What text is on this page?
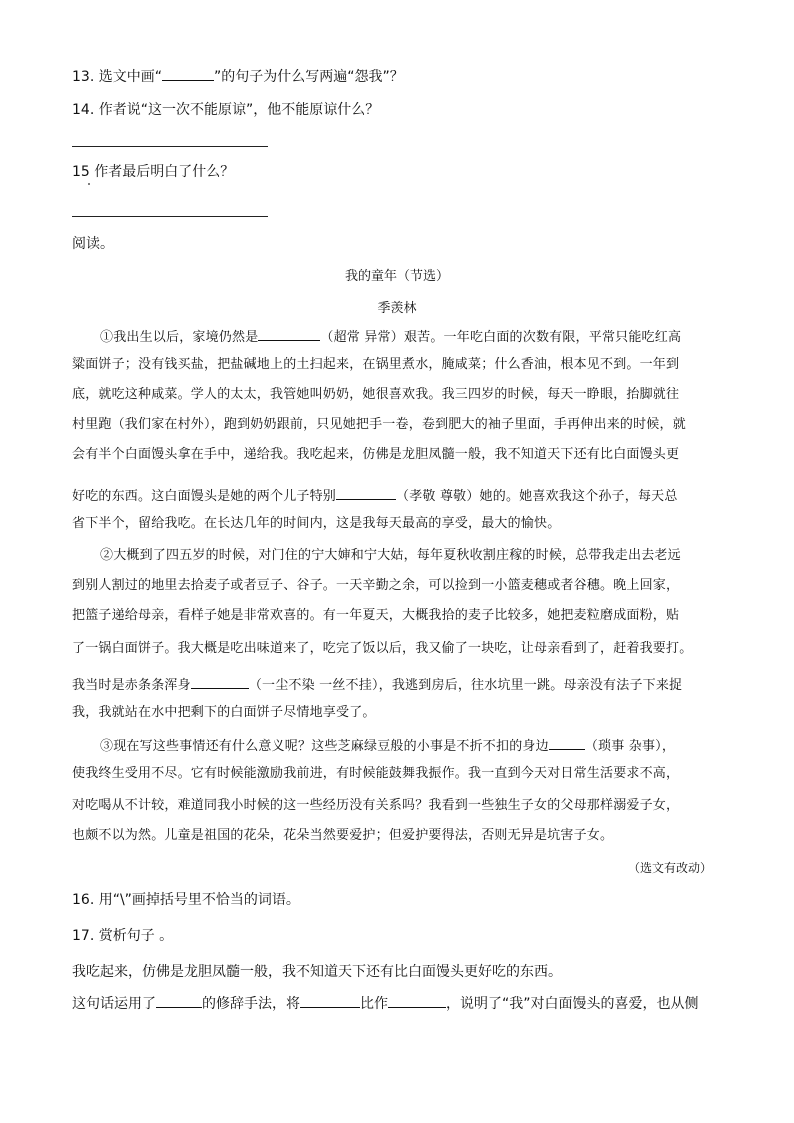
13. 选文中画“	”的句子为什么写两遍“怨我”？
14. 作者说“这一次不能原谅”，他不能原谅什么？
15 作者最后明白了什么？
阅读。
我的童年（节选）
季羡林
①我出生以后，家境仍然是	（超常 异常）艰苦。一年吃白面的次数有限，平常只能吃红高
粱面饼子；没有钱买盐，把盐碱地上的土扫起来，在锅里煮水，腌咸菜；什么香油，根本见不到。一年到
底，就吃这种咸菜。学人的太太，我管她叫奶奶，她很喜欢我。我三四岁的时候，每天一睁眼，抬脚就往
村里跑（我们家在村外），跑到奶奶跟前，只见她把手一卷，卷到肥大的袖子里面，手再伸出来的时候，就
会有半个白面馒头拿在手中，递给我。我吃起来，仿佛是龙胆凤髓一般，我不知道天下还有比白面馒头更
好吃的东西。这白面馒头是她的两个儿子特别	（孝敬 尊敬）她的。她喜欢我这个孙子，每天总
省下半个，留给我吃。在长达几年的时间内，这是我每天最高的享受，最大的愉快。
②大概到了四五岁的时候，对门住的宁大婶和宁大姑，每年夏秋收割庄稼的时候，总带我走出去老远
到别人割过的地里去拾麦子或者豆子、谷子。一天辛勤之余，可以捡到一小篮麦穗或者谷穗。晚上回家，
把篮子递给母亲，看样子她是非常欢喜的。有一年夏天，大概我拾的麦子比较多，她把麦粒磨成面粉，贴
了一锅白面饼子。我大概是吃出味道来了，吃完了饭以后，我又偷了一块吃，让母亲看到了，赶着我要打。
我当时是赤条条浑身	（一尘不染 一丝不挂），我逃到房后，往水坑里一跳。母亲没有法子下来捉
我，我就站在水中把剩下的白面饼子尽情地享受了。
③现在写这些事情还有什么意义呢？这些芝麻绿豆般的小事是不折不扣的身边	（琐事 杂事），
使我终生受用不尽。它有时候能激励我前进，有时候能鼓舞我振作。我一直到今天对日常生活要求不高，
对吃喝从不计较，难道同我小时候的这一些经历没有关系吗？我看到一些独生子女的父母那样溺爱子女，
也颇不以为然。儿童是祖国的花朵，花朵当然要爱护；但爱护要得法，否则无异是坑害子女。
（选文有改动）
16. 用“\”画掉括号里不恰当的词语。
17. 赏析句子 。
我吃起来，仿佛是龙胆凤髓一般，我不知道天下还有比白面馒头更好吃的东西。
这句话运用了	的修辞手法，将	比作	，说明了“我”对白面馒头的喜爱，也从侧
